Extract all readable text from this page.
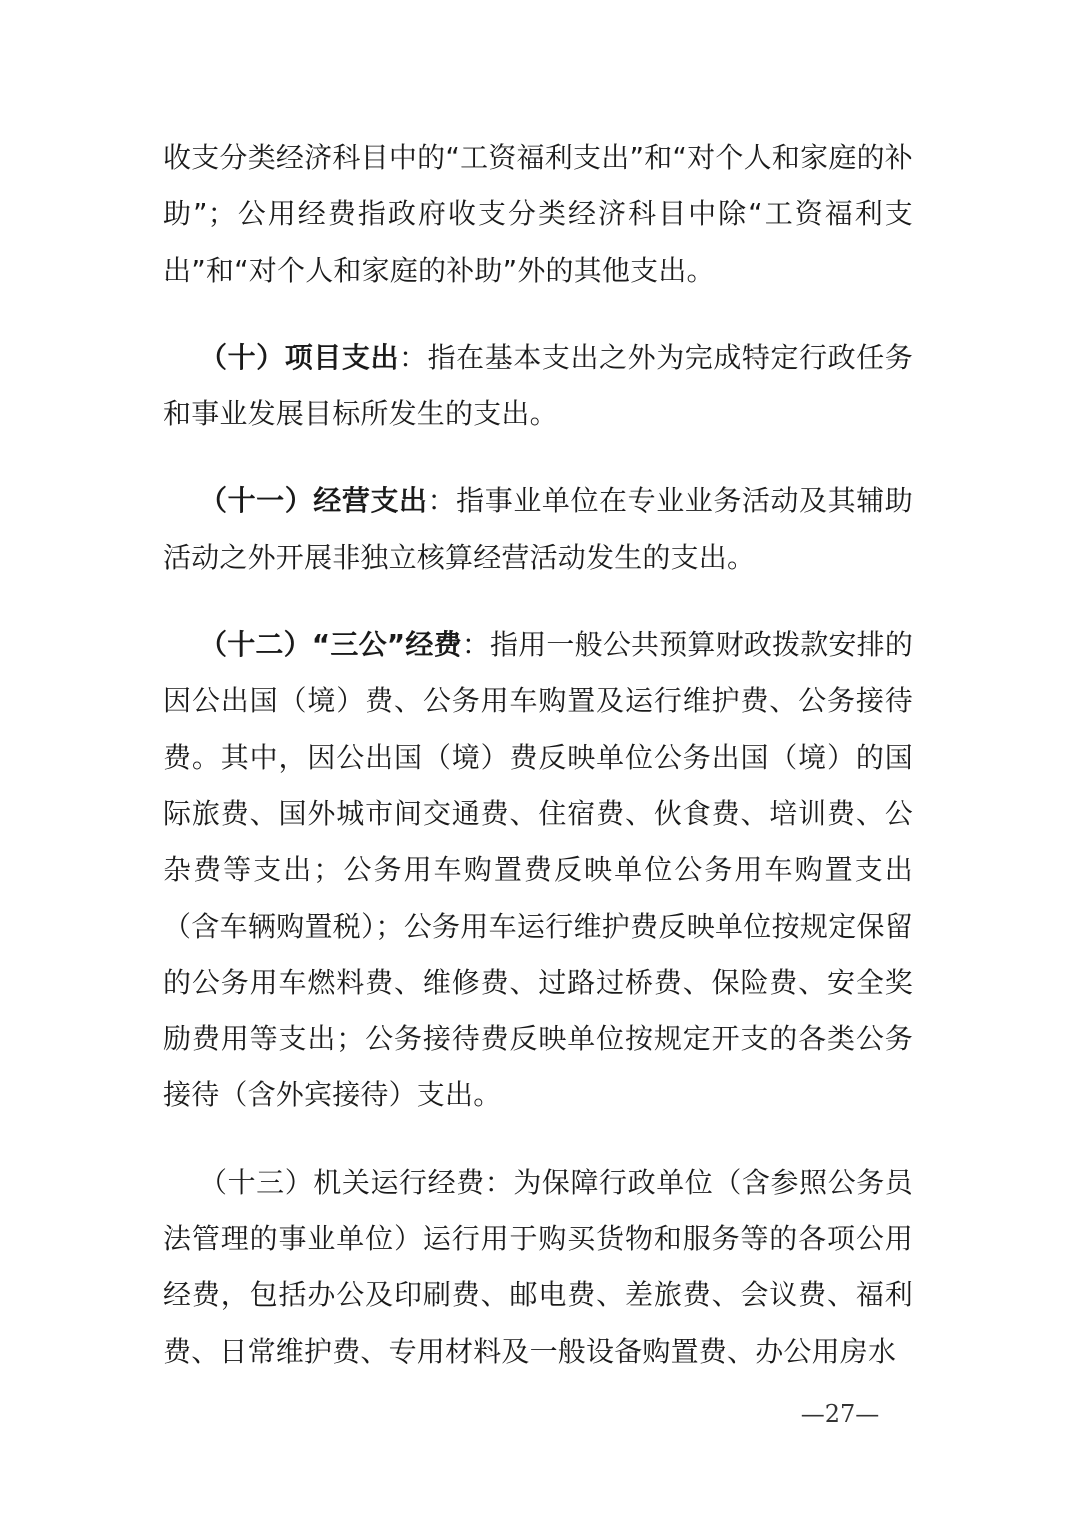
收支分类经济科目中的“工资福利支出”和“对个人和家庭的补助”；公用经费指政府收支分类经济科目中除“工资福利支出”和“对个人和家庭的补助”外的其他支出。

（十）项目支出：指在基本支出之外为完成特定行政任务和事业发展目标所发生的支出。

（十一）经营支出：指事业单位在专业业务活动及其辅助活动之外开展非独立核算经营活动发生的支出。

（十二）“三公”经费：指用一般公共预算财政拨款安排的因公出国（境）费、公务用车购置及运行维护费、公务接待费。其中，因公出国（境）费反映单位公务出国（境）的国际旅费、国外城市间交通费、住宿费、伙食费、培训费、公杂费等支出；公务用车购置费反映单位公务用车购置支出（含车辆购置税）；公务用车运行维护费反映单位按规定保留的公务用车燃料费、维修费、过路过桥费、保险费、安全奖励费用等支出；公务接待费反映单位按规定开支的各类公务接待（含外宾接待）支出。

（十三）机关运行经费：为保障行政单位（含参照公务员法管理的事业单位）运行用于购买货物和服务等的各项公用经费，包括办公及印刷费、邮电费、差旅费、会议费、福利费、日常维护费、专用材料及一般设备购置费、办公用房水

—27—
